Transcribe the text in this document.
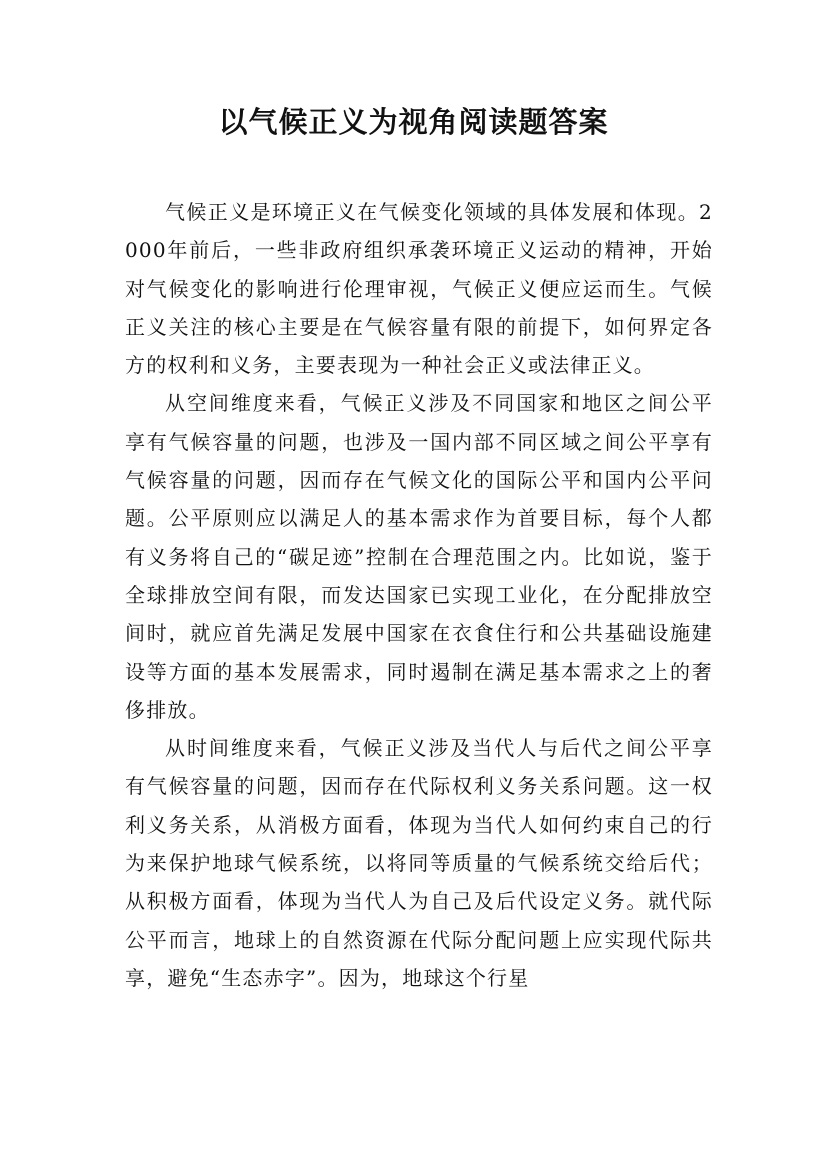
以气候正义为视角阅读题答案

气候正义是环境正义在气候变化领域的具体发展和体现。2000年前后，一些非政府组织承袭环境正义运动的精神，开始对气候变化的影响进行伦理审视，气候正义便应运而生。气候正义关注的核心主要是在气候容量有限的前提下，如何界定各方的权利和义务，主要表现为一种社会正义或法律正义。

从空间维度来看，气候正义涉及不同国家和地区之间公平享有气候容量的问题，也涉及一国内部不同区域之间公平享有气候容量的问题，因而存在气候文化的国际公平和国内公平问题。公平原则应以满足人的基本需求作为首要目标，每个人都有义务将自己的“碳足迹”控制在合理范围之内。比如说，鉴于全球排放空间有限，而发达国家已实现工业化，在分配排放空间时，就应首先满足发展中国家在衣食住行和公共基础设施建设等方面的基本发展需求，同时遏制在满足基本需求之上的奢侈排放。

从时间维度来看，气候正义涉及当代人与后代之间公平享有气候容量的问题，因而存在代际权利义务关系问题。这一权利义务关系，从消极方面看，体现为当代人如何约束自己的行为来保护地球气候系统，以将同等质量的气候系统交给后代；从积极方面看，体现为当代人为自己及后代设定义务。就代际公平而言，地球上的自然资源在代际分配问题上应实现代际共享，避免“生态赤字”。因为，地球这个行星
